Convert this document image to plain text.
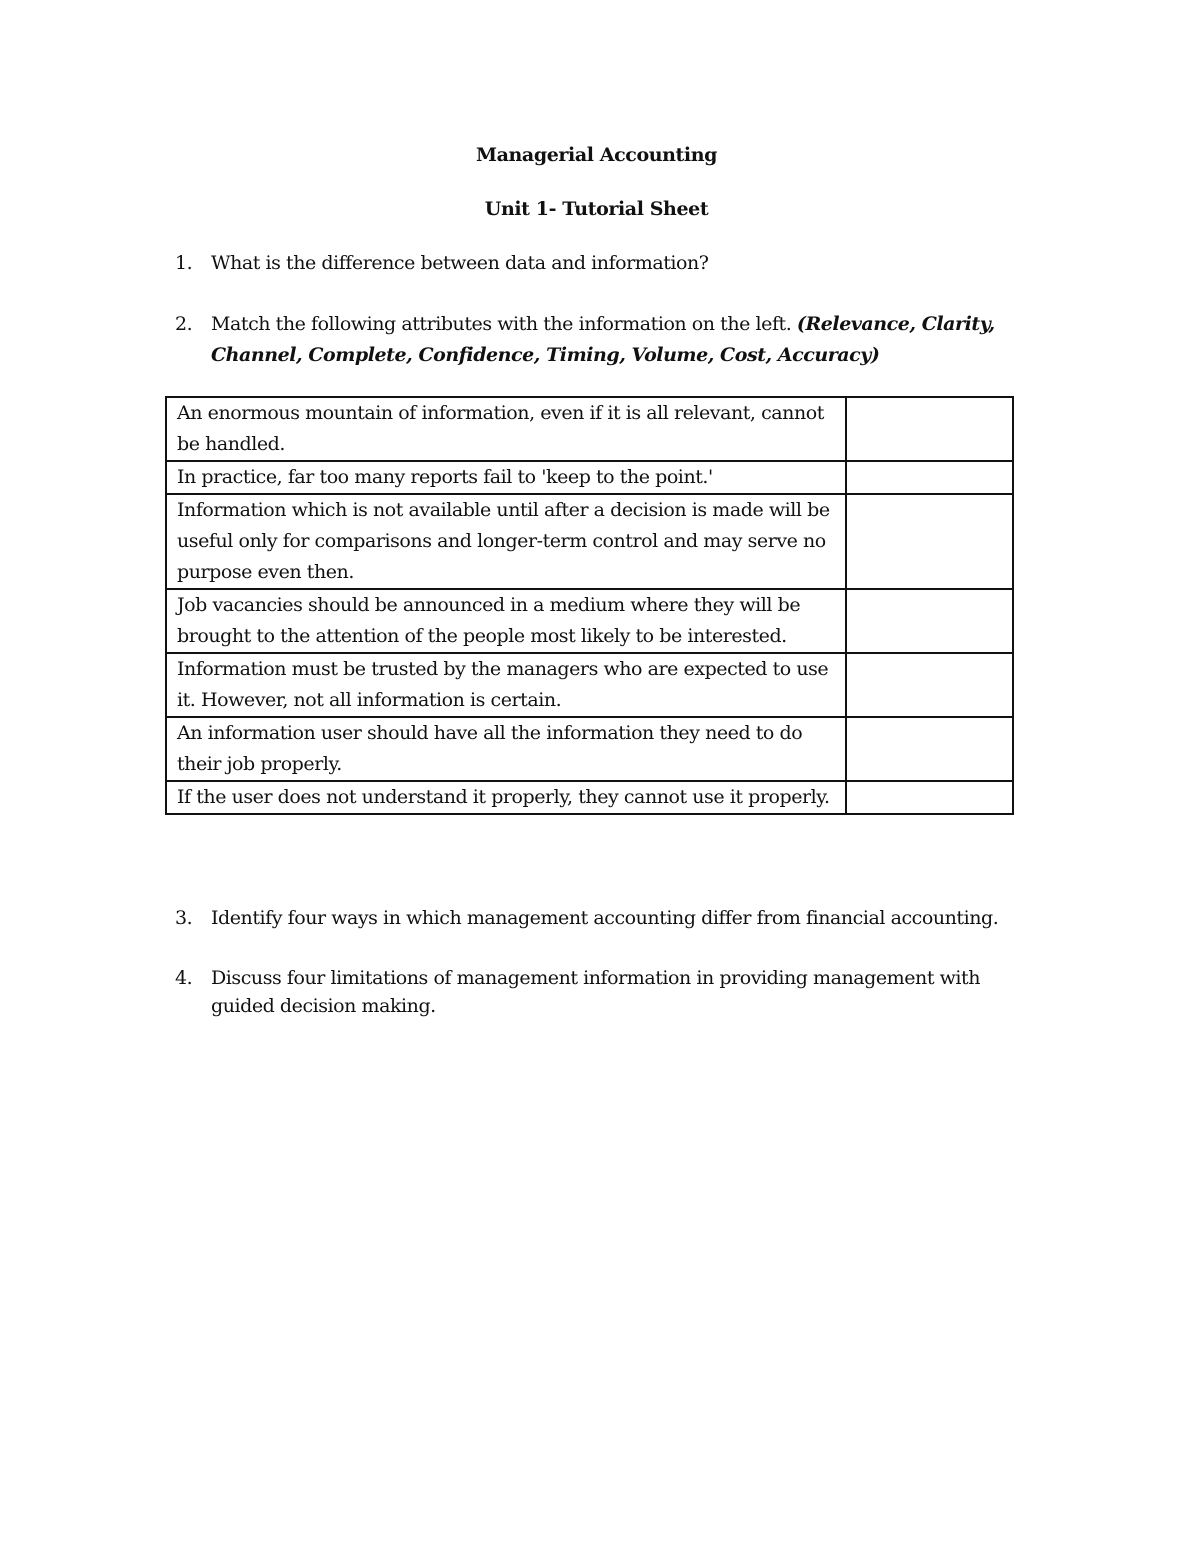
Managerial Accounting
Unit 1- Tutorial Sheet
1. What is the difference between data and information?
2. Match the following attributes with the information on the left. (Relevance, Clarity, Channel, Complete, Confidence, Timing, Volume, Cost, Accuracy)
An enormous mountain of information, even if it is all relevant, cannot be handled.	
In practice, far too many reports fail to 'keep to the point.'	
Information which is not available until after a decision is made will be useful only for comparisons and longer-term control and may serve no purpose even then.	
Job vacancies should be announced in a medium where they will be brought to the attention of the people most likely to be interested.	
Information must be trusted by the managers who are expected to use it. However, not all information is certain.	
An information user should have all the information they need to do their job properly.	
If the user does not understand it properly, they cannot use it properly.	
3. Identify four ways in which management accounting differ from financial accounting.
4. Discuss four limitations of management information in providing management with guided decision making.
